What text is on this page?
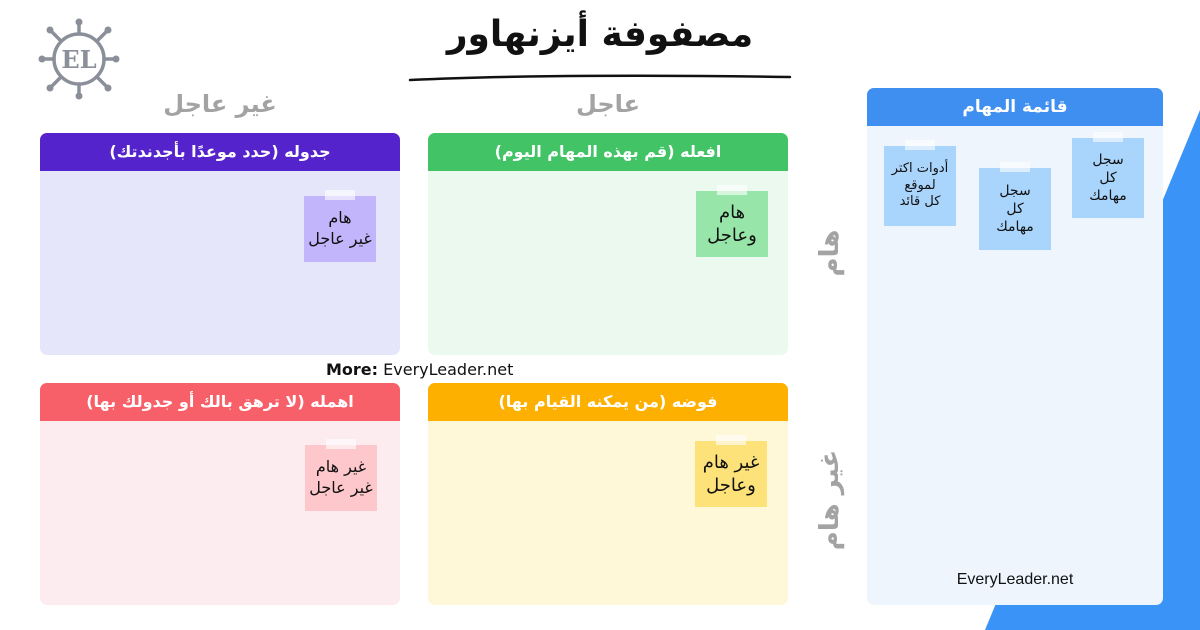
EL
مصفوفة أيزنهاور
عاجل
غير عاجل
هام
غير هام
افعله (قم بهذه المهام اليوم)
هام
وعاجل
جدوله (حدد موعدًا بأجدندتك)
هام
غير عاجل
More: EveryLeader.net
فوضه (من يمكنه القيام بها)
غير هام
وعاجل
اهمله (لا ترهق بالك أو جدولك بها)
غير هام
غير عاجل
قائمة المهام
سجل
كل
مهامك
سجل
كل
مهامك
أدوات اكتر
لموقع
كل قائد
EveryLeader.net
